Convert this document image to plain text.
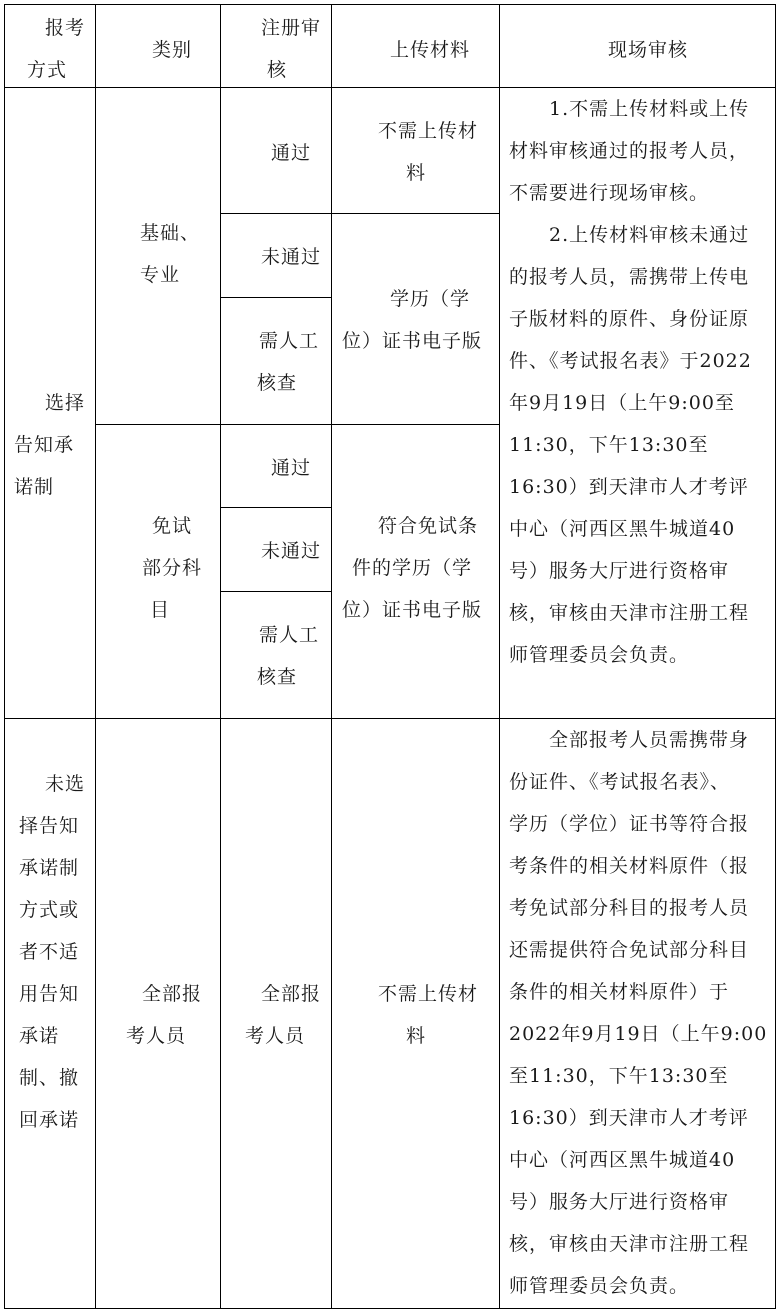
报考
方式
类别
注册审
核
上传材料	现场审核
选择
告知承
诺制
基础、
专业
免试
部分科
目
通过
未通过
需人工
核查
通过
未通过
需人工
核查
不需上传材
料
学历（学
位）证书电子版
符合免试条
件的学历（学
位）证书电子版
1.不需上传材料或上传
材料审核通过的报考人员，
不需要进行现场审核。
2.上传材料审核未通过
的报考人员，需携带上传电
子版材料的原件、身份证原
件、《考试报名表》于2022
年9月19日（上午9:00至
11:30，下午13:30至
16:30）到天津市人才考评
中心（河西区黑牛城道40
号）服务大厅进行资格审
核，审核由天津市注册工程
师管理委员会负责。
未选
择告知
承诺制
方式或
者不适
用告知
承诺
制、撤
回承诺
全部报
考人员
全部报
考人员
不需上传材
料
全部报考人员需携带身
份证件、《考试报名表》、
学历（学位）证书等符合报
考条件的相关材料原件（报
考免试部分科目的报考人员
还需提供符合免试部分科目
条件的相关材料原件）于
2022年9月19日（上午9:00
至11:30，下午13:30至
16:30）到天津市人才考评
中心（河西区黑牛城道40
号）服务大厅进行资格审
核，审核由天津市注册工程
师管理委员会负责。
